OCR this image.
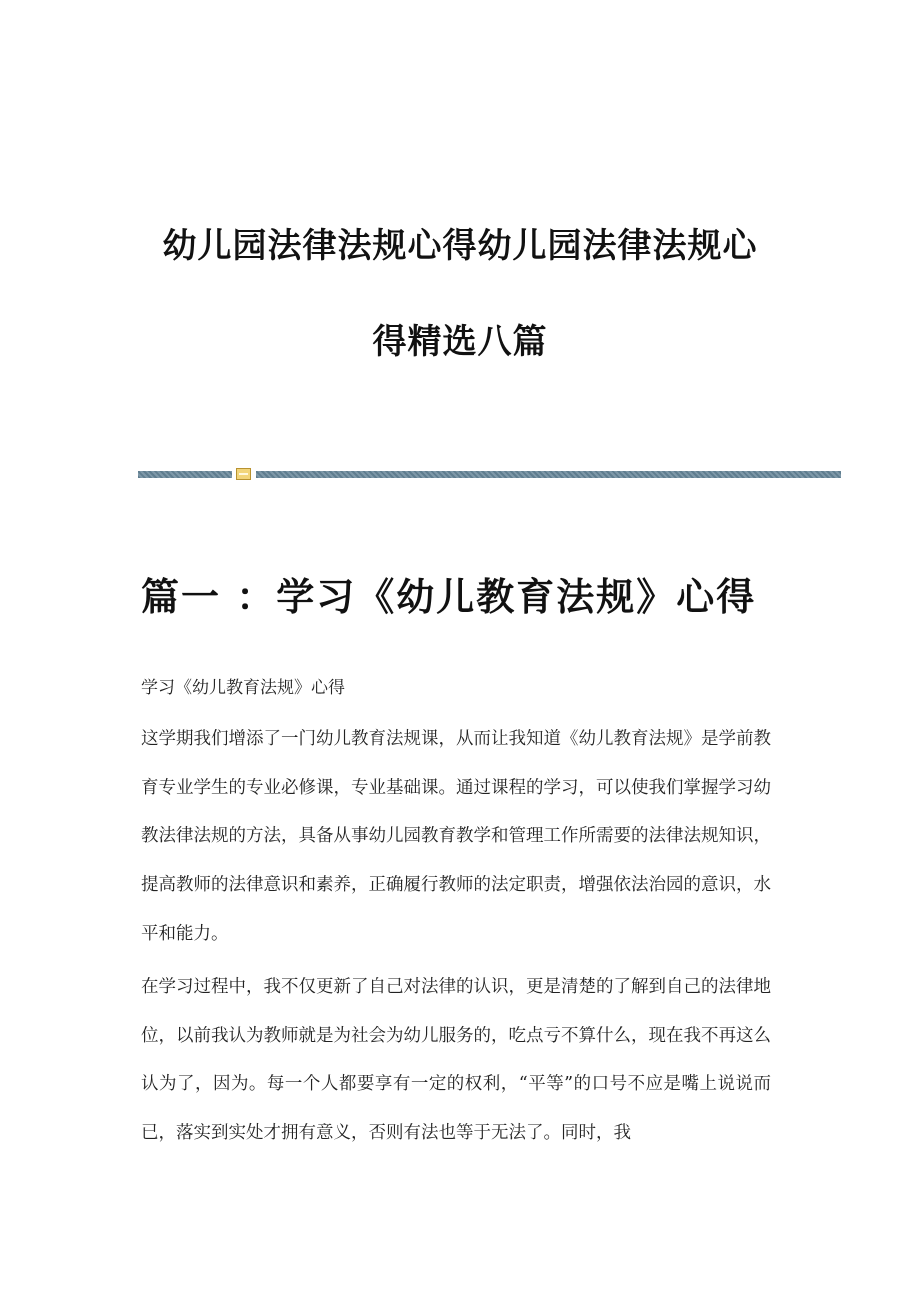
幼儿园法律法规心得幼儿园法律法规心
得精选八篇
篇一 ：学习《幼儿教育法规》心得
学习《幼儿教育法规》心得

这学期我们增添了一门幼儿教育法规课，从而让我知道《幼儿教育法规》是学前教育专业学生的专业必修课，专业基础课。通过课程的学习，可以使我们掌握学习幼教法律法规的方法，具备从事幼儿园教育教学和管理工作所需要的法律法规知识，提高教师的法律意识和素养，正确履行教师的法定职责，增强依法治园的意识，水平和能力。

在学习过程中，我不仅更新了自己对法律的认识，更是清楚的了解到自己的法律地位，以前我认为教师就是为社会为幼儿服务的，吃点亏不算什么，现在我不再这么认为了，因为。每一个人都要享有一定的权利，“平等”的口号不应是嘴上说说而已，落实到实处才拥有意义，否则有法也等于无法了。同时，我
